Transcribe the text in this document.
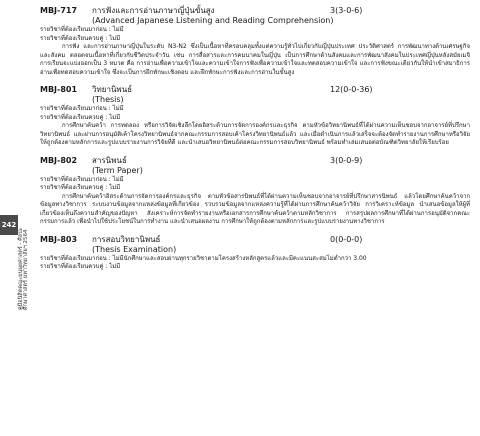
242
คู่มือนิสิตคณะมนุษยศาสตร์ - ศิลปะ ศึกษาศาสตร์ มหาวิทยาลัยฯ 2564
MBJ-717	การฟังและการอ่านภาษาญี่ปุ่นขั้นสูง	3(3-0-6)
(Advanced Japanese Listening and Reading Comprehension)
รายวิชาที่ต้องเรียนมาก่อน : ไม่มี
รายวิชาที่ต้องเรียนควบคู่ : ไม่มี
การฟัง และการอ่านภาษาญี่ปุ่นในระดับ N3-N2 ซึ่งเป็นเนื้อหาที่ครอบคลุมทั้งแต่ความรู้ทั่วไปเกี่ยวกับญี่ปุ่นประเทศ ประวัติศาสตร์ การพัฒนาทางด้านเศรษฐกิจและสังคม ตลอดจนเนื้อหาที่เกี่ยวกับชีวิตประจำวัน เช่น การสื่อสารและการคมนาคมในญี่ปุ่น เป็นการศึกษาด้านสังคมและการพัฒนาสังคมในประเทศญี่ปุ่นหลังสมัยเมจิ การเรียนจะแบ่งออกเป็น 3 หมวด คือ การอ่านเพื่อความเข้าใจและความเข้าใจการฟังเพื่อความเข้าใจและทดสอบความเข้าใจ และการฟังขณะเดียวกันให้นำเข้าสมาธิการอ่านเพื่อทดสอบความเข้าใจ ซึ่งจะเป็นการฝึกทักษะเชิงตอบ และฝึกทักษะการฟังและการอ่านในขั้นสูง
MBJ-801	วิทยานิพนธ์	12(0-0-36)
(Thesis)
รายวิชาที่ต้องเรียนมาก่อน : ไม่มี
รายวิชาที่ต้องเรียนควบคู่ : ไม่มี
การศึกษาค้นคว้า การทดลอง หรือการวิจัยเชิงลึกโดยอิสระด้านการจัดการองค์กรและธุรกิจ ตามหัวข้อวิทยานิพนธ์ที่ได้ผ่านความเห็นชอบจากอาจารย์ที่ปรึกษาวิทยานิพนธ์ และผ่านการอนุมัติเค้าโครงวิทยานิพนธ์จากคณะกรรมการสอบเค้าโครงวิทยานิพนธ์แล้ว และเมื่อดำเนินการแล้วเสร็จจะต้องจัดทำรายงานการศึกษาหรือวิจัยให้ถูกต้องตามหลักการและรูปแบบรายงานการวิจัยที่ดี และนำเสนอวิทยานิพนธ์ต่อคณะกรรมการสอบวิทยานิพนธ์ พร้อมทำเล่มเสนอต่อบัณฑิตวิทยาลัยให้เรียบร้อย
MBJ-802	สารนิพนธ์	3(0-0-9)
(Term Paper)
รายวิชาที่ต้องเรียนมาก่อน : ไม่มี
รายวิชาที่ต้องเรียนควบคู่ : ไม่มี
การศึกษาค้นคว้าอิสระด้านการจัดการองค์กรและธุรกิจ ตามหัวข้อสารนิพนธ์ที่ได้ผ่านความเห็นชอบจากอาจารย์ที่ปรึกษาสารนิพนธ์ แล้วโดยศึกษาค้นคว้าจากข้อมูลทางวิชาการ ระบบงานข้อมูลจากแหล่งข้อมูลที่เกี่ยวข้อง รวบรวมข้อมูลจากแหล่งความรู้ที่ได้ผ่านการศึกษาค้นคว้าวิจัย การวิเคราะห์ข้อมูล นำเสนอข้อมูลให้ผู้ที่เกี่ยวข้องเห็นถึงความสำคัญของปัญหา สังเคราะห์การจัดทำรายงานหรือเอกสารการศึกษาค้นคว้าตามหลักวิชาการ การสรุปผลการศึกษาที่ได้ผ่านการอนุมัติจากคณะกรรมการแล้ว เพื่อนำไปใช้ประโยชน์ในการทำงาน และนำเสนอผลงาน การศึกษาให้ถูกต้องตามหลักการและรูปแบบรายงานทางวิชาการ
MBJ-803	การสอบวิทยานิพนธ์	0(0-0-0)
(Thesis Examination)
รายวิชาที่ต้องเรียนมาก่อน : ไม่มีนักศึกษาและสอบผ่านทุกรายวิชาตามโครงสร้างหลักสูตรแล้วและมีคะแนนสะสมไม่ต่ำกว่า 3.00
รายวิชาที่ต้องเรียนควบคู่ : ไม่มี
